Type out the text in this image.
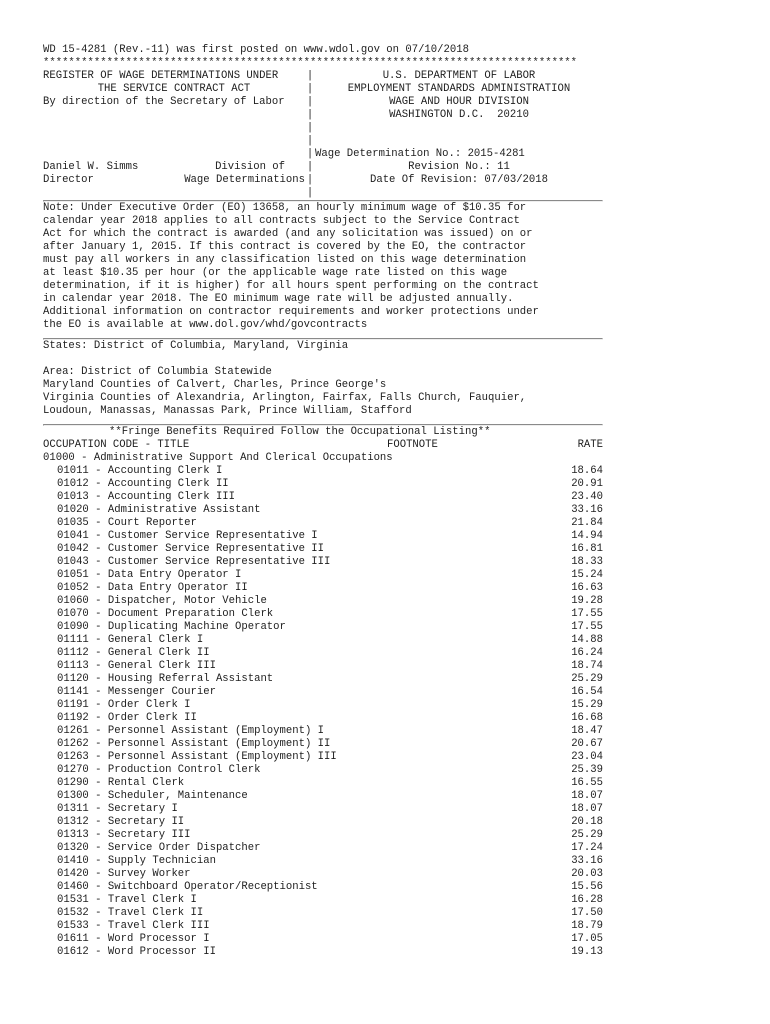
WD 15-4281 (Rev.-11) was first posted on www.wdol.gov on 07/10/2018
************************************************************************************
REGISTER OF WAGE DETERMINATIONS UNDER
THE SERVICE CONTRACT ACT
By direction of the Secretary of Labor
Daniel W. Simms	Division of
Director	Wage Determinations
|
|
|
|
|
|
|
|
|
|
U.S. DEPARTMENT OF LABOR
EMPLOYMENT STANDARDS ADMINISTRATION
WAGE AND HOUR DIVISION
WASHINGTON D.C.  20210
Wage Determination No.: 2015-4281
Revision No.: 11
Date Of Revision: 07/03/2018
Note: Under Executive Order (EO) 13658, an hourly minimum wage of $10.35 for
calendar year 2018 applies to all contracts subject to the Service Contract
Act for which the contract is awarded (and any solicitation was issued) on or
after January 1, 2015. If this contract is covered by the EO, the contractor
must pay all workers in any classification listed on this wage determination
at least $10.35 per hour (or the applicable wage rate listed on this wage
determination, if it is higher) for all hours spent performing on the contract
in calendar year 2018. The EO minimum wage rate will be adjusted annually.
Additional information on contractor requirements and worker protections under
the EO is available at www.dol.gov/whd/govcontracts
States: District of Columbia, Maryland, Virginia
Area: District of Columbia Statewide
Maryland Counties of Calvert, Charles, Prince George's
Virginia Counties of Alexandria, Arlington, Fairfax, Falls Church, Fauquier,
Loudoun, Manassas, Manassas Park, Prince William, Stafford
**Fringe Benefits Required Follow the Occupational Listing**
OCCUPATION CODE - TITLE	FOOTNOTE	RATE
01000 - Administrative Support And Clerical Occupations
01011 - Accounting Clerk I	18.64
01012 - Accounting Clerk II	20.91
01013 - Accounting Clerk III	23.40
01020 - Administrative Assistant	33.16
01035 - Court Reporter	21.84
01041 - Customer Service Representative I	14.94
01042 - Customer Service Representative II	16.81
01043 - Customer Service Representative III	18.33
01051 - Data Entry Operator I	15.24
01052 - Data Entry Operator II	16.63
01060 - Dispatcher, Motor Vehicle	19.28
01070 - Document Preparation Clerk	17.55
01090 - Duplicating Machine Operator	17.55
01111 - General Clerk I	14.88
01112 - General Clerk II	16.24
01113 - General Clerk III	18.74
01120 - Housing Referral Assistant	25.29
01141 - Messenger Courier	16.54
01191 - Order Clerk I	15.29
01192 - Order Clerk II	16.68
01261 - Personnel Assistant (Employment) I	18.47
01262 - Personnel Assistant (Employment) II	20.67
01263 - Personnel Assistant (Employment) III	23.04
01270 - Production Control Clerk	25.39
01290 - Rental Clerk	16.55
01300 - Scheduler, Maintenance	18.07
01311 - Secretary I	18.07
01312 - Secretary II	20.18
01313 - Secretary III	25.29
01320 - Service Order Dispatcher	17.24
01410 - Supply Technician	33.16
01420 - Survey Worker	20.03
01460 - Switchboard Operator/Receptionist	15.56
01531 - Travel Clerk I	16.28
01532 - Travel Clerk II	17.50
01533 - Travel Clerk III	18.79
01611 - Word Processor I	17.05
01612 - Word Processor II	19.13
